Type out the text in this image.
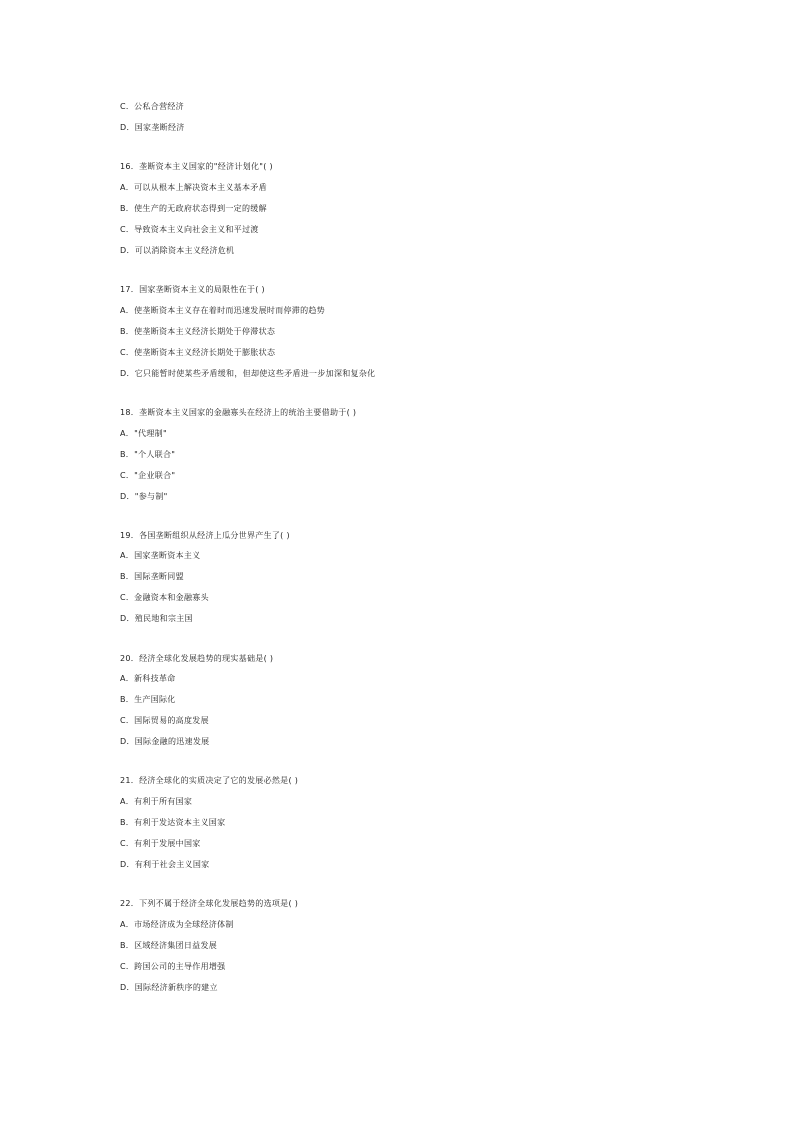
C．公私合营经济
D．国家垄断经济
16．垄断资本主义国家的"经济计划化"( )
A．可以从根本上解决资本主义基本矛盾
B．使生产的无政府状态得到一定的缓解
C．导致资本主义向社会主义和平过渡
D．可以消除资本主义经济危机
17．国家垄断资本主义的局限性在于( )
A．使垄断资本主义存在着时而迅速发展时而停滞的趋势
B．使垄断资本主义经济长期处于停滞状态
C．使垄断资本主义经济长期处于膨胀状态
D．它只能暂时使某些矛盾缓和，但却使这些矛盾进一步加深和复杂化
18．垄断资本主义国家的金融寡头在经济上的统治主要借助于( )
A．"代理制"
B．"个人联合"
C．"企业联合"
D．"参与制"
19．各国垄断组织从经济上瓜分世界产生了( )
A．国家垄断资本主义
B．国际垄断同盟
C．金融资本和金融寡头
D．殖民地和宗主国
20．经济全球化发展趋势的现实基础是( )
A．新科技革命
B．生产国际化
C．国际贸易的高度发展
D．国际金融的迅速发展
21．经济全球化的实质决定了它的发展必然是( )
A．有利于所有国家
B．有利于发达资本主义国家
C．有利于发展中国家
D．有利于社会主义国家
22．下列不属于经济全球化发展趋势的选项是( )
A．市场经济成为全球经济体制
B．区域经济集团日益发展
C．跨国公司的主导作用增强
D．国际经济新秩序的建立
